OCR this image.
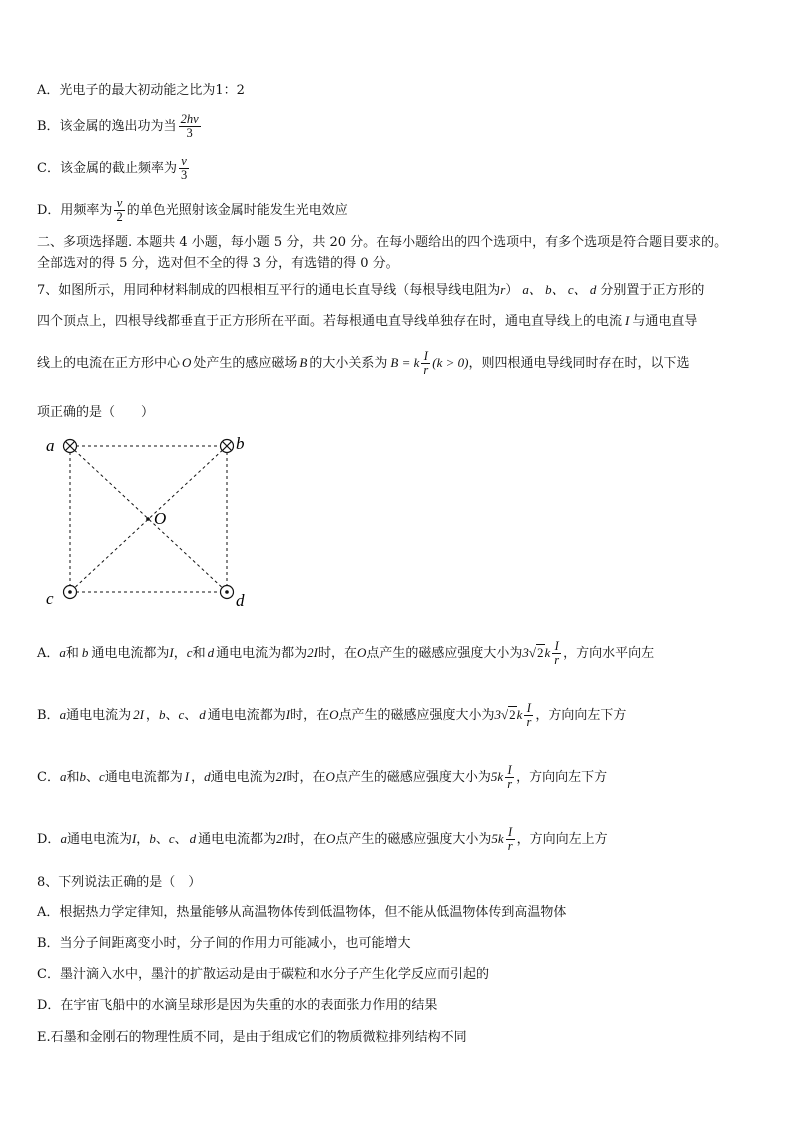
A．光电子的最大初动能之比为1：2
B．该金属的逸出功为当 $\frac{2h\nu}{3}$
C．该金属的截止频率为 $\frac{\nu}{3}$
D．用频率为 $\frac{\nu}{2}$ 的单色光照射该金属时能发生光电效应
二、多项选择题. 本题共 4 小题，每小题 5 分，共 20 分。在每小题给出的四个选项中，有多个选项是符合题目要求的。
全部选对的得 5 分，选对但不全的得 3 分，有选错的得 0 分。
7、如图所示，用同种材料制成的四根相互平行的通电长直导线（每根导线电阻为r） a、 b、 c、 d 分别置于正方形的
四个顶点上，四根导线都垂直于正方形所在平面。若每根通电直导线单独存在时，通电直导线上的电流 I 与通电直导
线上的电流在正方形中心 O 处产生的感应磁场 B 的大小关系为 B = k $\frac{I}{r} (k > 0)$，则四根通电导线同时存在时，以下选
项正确的是（　　）
a	b
c	d
O
A．a和 b 通电电流都为I，c和 d 通电电流为都为2I时，在O点产生的磁感应强度大小为$3√2k \frac{I}{r}$ ，方向水平向左
B．a通电电流为 2I ，b、c、 d 通电电流都为I时，在O点产生的磁感应强度大小为$3√2k \frac{I}{r}$ ，方向向左下方
C．a和b、c通电电流都为 I ，d通电电流为2I时，在O点产生的磁感应强度大小为$5k \frac{I}{r}$ ，方向向左下方
D．a通电电流为I，b、c、 d 通电电流都为2I时，在O点产生的磁感应强度大小为$5k \frac{I}{r}$ ，方向向左上方
8、下列说法正确的是（　）
A．根据热力学定律知，热量能够从高温物体传到低温物体，但不能从低温物体传到高温物体
B．当分子间距离变小时，分子间的作用力可能减小，也可能增大
C．墨汁滴入水中，墨汁的扩散运动是由于碳粒和水分子产生化学反应而引起的
D．在宇宙飞船中的水滴呈球形是因为失重的水的表面张力作用的结果
E.石墨和金刚石的物理性质不同，是由于组成它们的物质微粒排列结构不同
